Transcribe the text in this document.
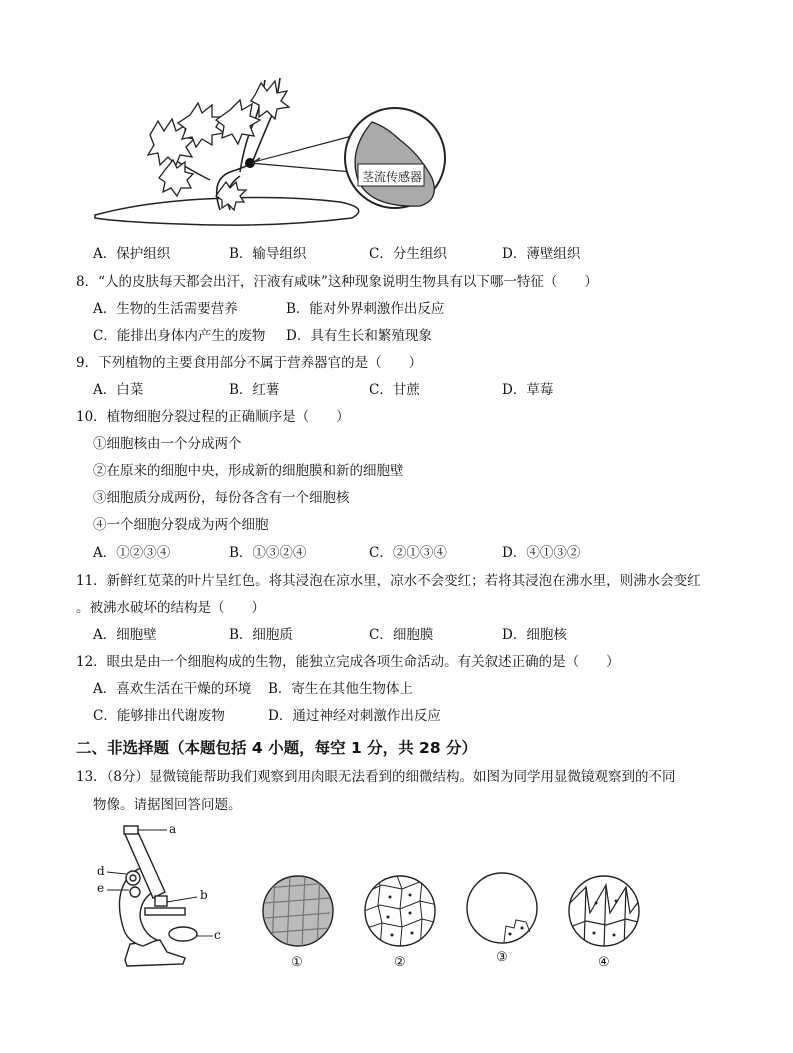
茎流传感器
A．保护组织	B．输导组织	C．分生组织	D．薄壁组织
8．“人的皮肤每天都会出汗，汗液有咸味”这种现象说明生物具有以下哪一特征（　　）
A．生物的生活需要营养	B．能对外界刺激作出反应
C．能排出身体内产生的废物 D．具有生长和繁殖现象
9．下列植物的主要食用部分不属于营养器官的是（　　）
A．白菜	B．红薯	C．甘蔗	D．草莓
10．植物细胞分裂过程的正确顺序是（　　）
①细胞核由一个分成两个
②在原来的细胞中央，形成新的细胞膜和新的细胞壁
③细胞质分成两份，每份各含有一个细胞核
④一个细胞分裂成为两个细胞
A．①②③④	B．①③②④	C．②①③④	D．④①③②
11．新鲜红苋菜的叶片呈红色。将其浸泡在凉水里，凉水不会变红；若将其浸泡在沸水里，则沸水会变红
。被沸水破坏的结构是（　　）
A．细胞壁	B．细胞质	C．细胞膜	D．细胞核
12．眼虫是由一个细胞构成的生物，能独立完成各项生命活动。有关叙述正确的是（　　）
A．喜欢生活在干燥的环境 B．寄生在其他生物体上
C．能够排出代谢废物	D．通过神经对刺激作出反应
二、非选择题（本题包括 4 小题，每空 1 分，共 28 分）
13．（8分）显微镜能帮助我们观察到用肉眼无法看到的细微结构。如图为同学用显微镜观察到的不同
物像。请据图回答问题。
a
b
c
d
e
①	②	③	④
